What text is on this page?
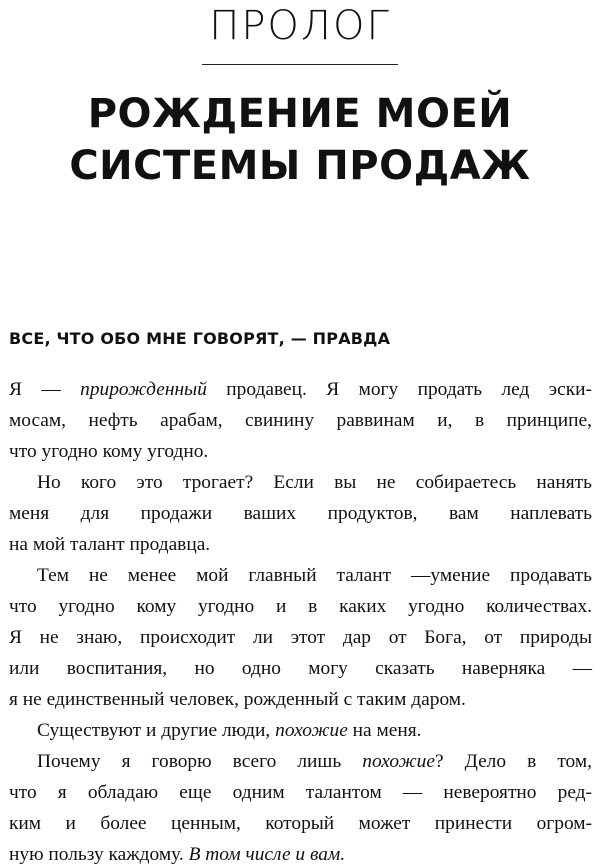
ПРОЛОГ
РОЖДЕНИЕ МОЕЙ
СИСТЕМЫ ПРОДАЖ
ВСЕ, ЧТО ОБО МНЕ ГОВОРЯТ, — ПРАВДА

Я — прирожденный продавец. Я могу продать лед эски-

мосам, нефть арабам, свинину раввинам и, в принципе,

что угодно кому угодно.

Но кого это трогает? Если вы не собираетесь нанять

меня для продажи ваших продуктов, вам наплевать

на мой талант продавца.

Тем не менее мой главный талант —умение продавать

что угодно кому угодно и в каких угодно количествах.

Я не знаю, происходит ли этот дар от Бога, от природы

или воспитания, но одно могу сказать наверняка —

я не единственный человек, рожденный с таким даром.

Существуют и другие люди, похожие на меня.

Почему я говорю всего лишь похожие? Дело в том,

что я обладаю еще одним талантом — невероятно ред-

ким и более ценным, который может принести огром-

ную пользу каждому. В том числе и вам.
